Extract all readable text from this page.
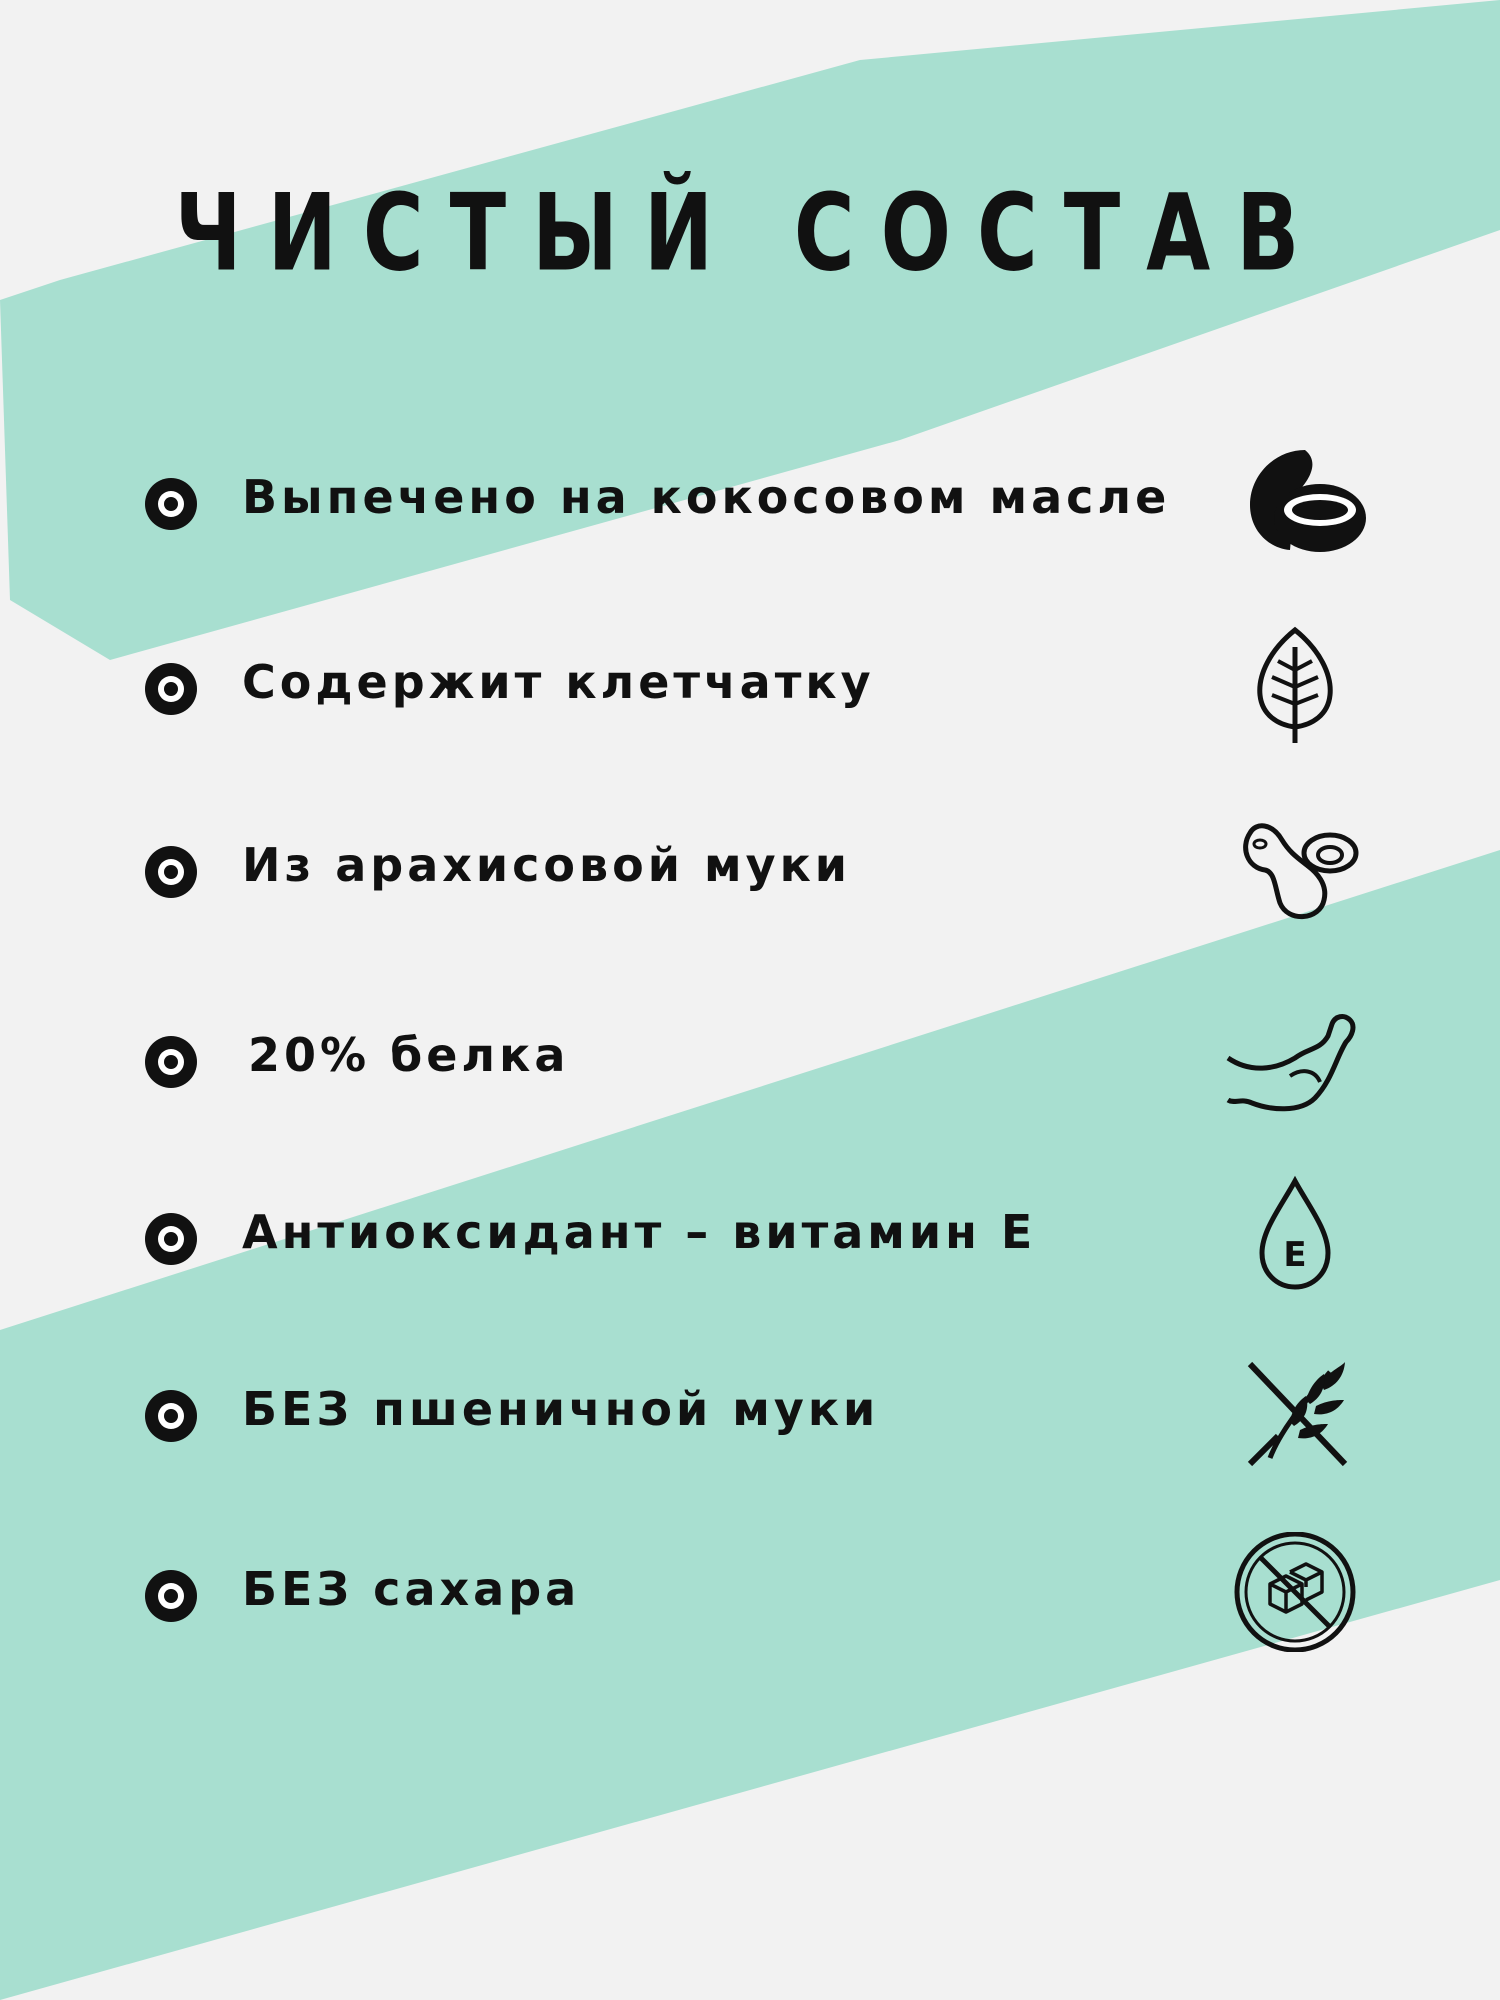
ЧИСТЫЙ СОСТАВ
Выпечено на кокосовом масле
Содержит клетчатку
Из арахисовой муки
20% белка
Антиоксидант – витамин Е	E
БЕЗ пшеничной муки
БЕЗ сахара
